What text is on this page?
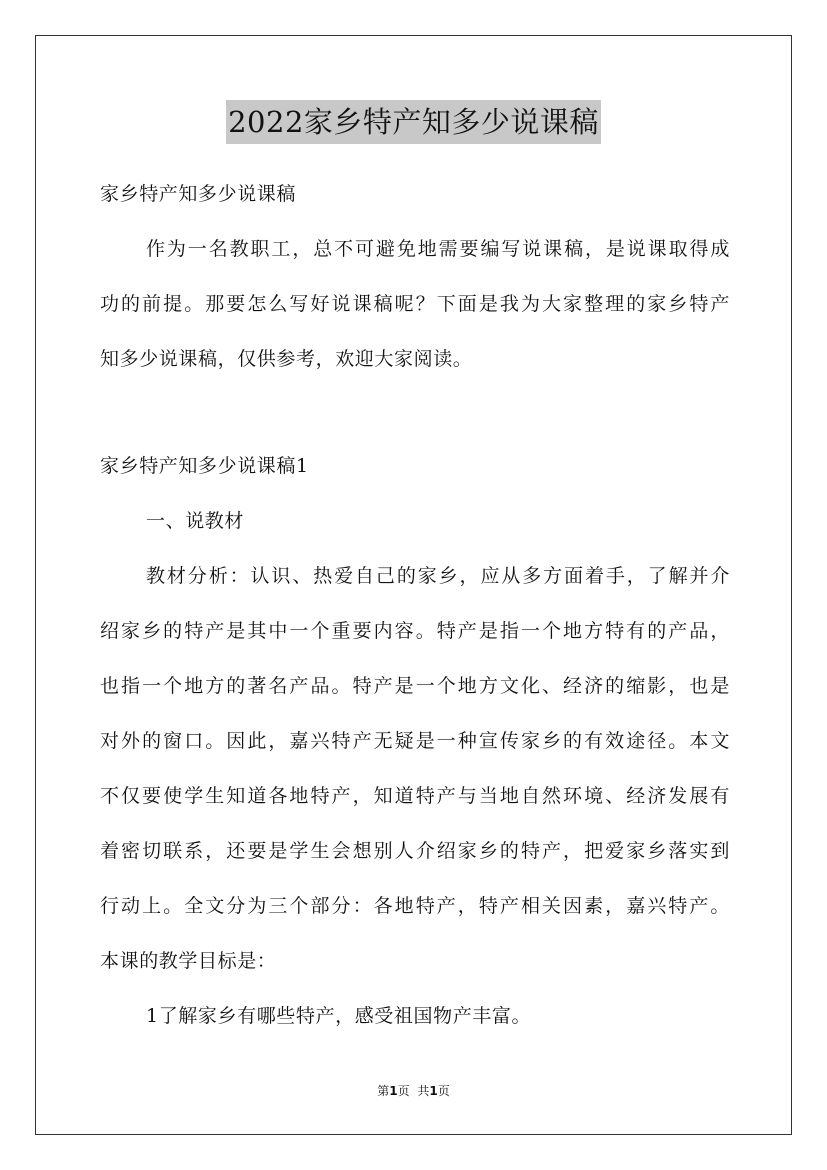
2022家乡特产知多少说课稿
家乡特产知多少说课稿
作为一名教职工，总不可避免地需要编写说课稿，是说课取得成
功的前提。那要怎么写好说课稿呢？下面是我为大家整理的家乡特产
知多少说课稿，仅供参考，欢迎大家阅读。
家乡特产知多少说课稿1
一、说教材
教材分析：认识、热爱自己的家乡，应从多方面着手，了解并介
绍家乡的特产是其中一个重要内容。特产是指一个地方特有的产品，
也指一个地方的著名产品。特产是一个地方文化、经济的缩影，也是
对外的窗口。因此，嘉兴特产无疑是一种宣传家乡的有效途径。本文
不仅要使学生知道各地特产，知道特产与当地自然环境、经济发展有
着密切联系，还要是学生会想别人介绍家乡的特产，把爱家乡落实到
行动上。全文分为三个部分：各地特产，特产相关因素，嘉兴特产。
本课的教学目标是：
1了解家乡有哪些特产，感受祖国物产丰富。
第1页 共1页
